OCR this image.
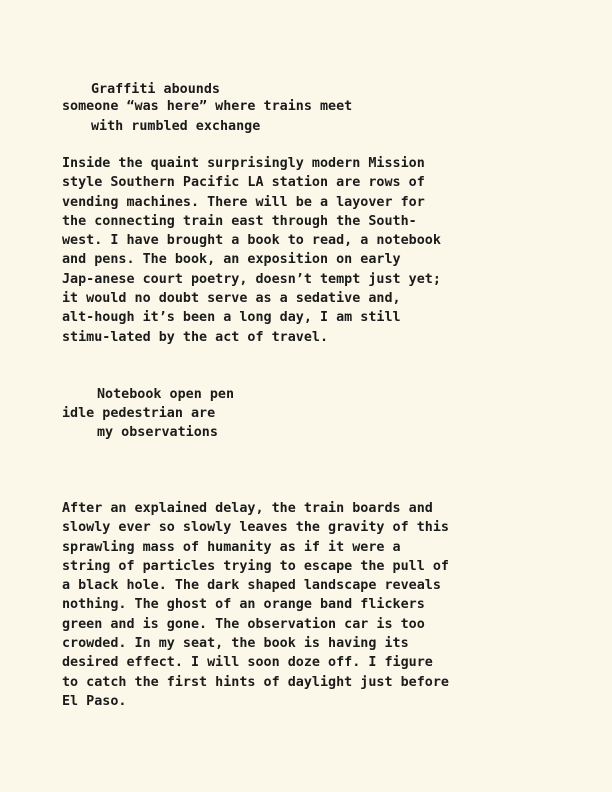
Graffiti abounds
someone “was here” where trains meet
with rumbled exchange
Inside the quaint surprisingly modern Mission
style Southern Pacific LA station are rows of
vending machines. There will be a layover for
the connecting train east through the South-
west. I have brought a book to read, a notebook
and pens. The book, an exposition on early
Jap-anese court poetry, doesn’t tempt just yet;
it would no doubt serve as a sedative and,
alt-hough it’s been a long day, I am still
stimu-lated by the act of travel.
Notebook open pen
idle pedestrian are
my observations
After an explained delay, the train boards and
slowly ever so slowly leaves the gravity of this
sprawling mass of humanity as if it were a
string of particles trying to escape the pull of
a black hole. The dark shaped landscape reveals
nothing. The ghost of an orange band flickers
green and is gone. The observation car is too
crowded. In my seat, the book is having its
desired effect. I will soon doze off. I figure
to catch the first hints of daylight just before
El Paso.
